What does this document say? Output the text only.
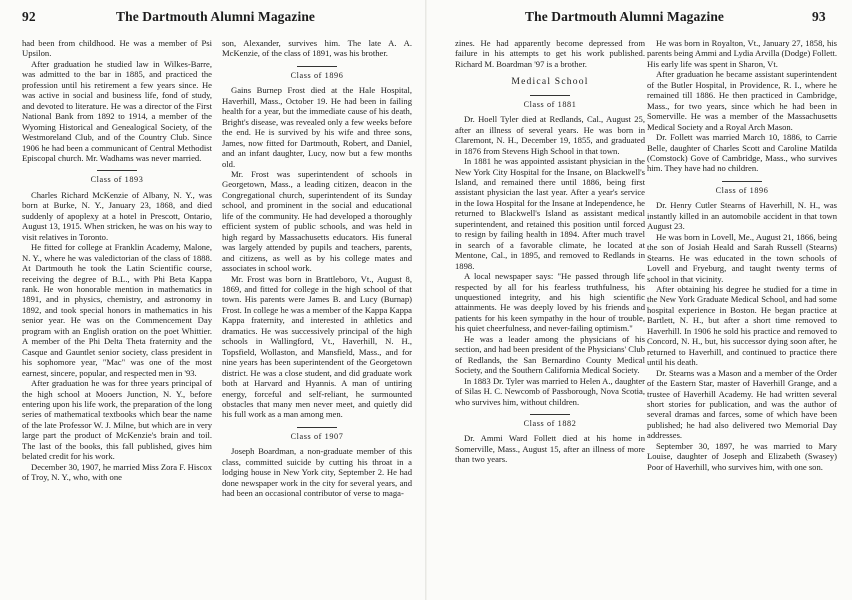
92	The Dartmouth Alumni Magazine

had been from childhood. He was a member of Psi Upsilon.

After graduation he studied law in Wilkes-Barre, was admitted to the bar in 1885, and practiced the profession until his retirement a few years since. He was active in social and business life, fond of study, and devoted to literature. He was a director of the First National Bank from 1892 to 1914, a member of the Wyoming Historical and Genealogical Society, of the Westmoreland Club, and of the Country Club. Since 1906 he had been a communicant of Central Methodist Episcopal church. Mr. Wadhams was never married.

Class of 1893

Charles Richard McKenzie of Albany, N. Y., was born at Burke, N. Y., January 23, 1868, and died suddenly of apoplexy at a hotel in Prescott, Ontario, August 13, 1915. When stricken, he was on his way to visit relatives in Toronto.

He fitted for college at Franklin Academy, Malone, N. Y., where he was valedictorian of the class of 1888. At Dartmouth he took the Latin Scientific course, receiving the degree of B.L., with Phi Beta Kappa rank. He won honorable mention in mathematics in 1891, and in physics, chemistry, and astronomy in 1892, and took special honors in mathematics in his senior year. He was on the Commencement Day program with an English oration on the poet Whittier. A member of the Phi Delta Theta fraternity and the Casque and Gauntlet senior society, class president in his sophomore year, "Mac" was one of the most earnest, sincere, popular, and respected men in '93.

After graduation he was for three years principal of the high school at Mooers Junction, N. Y., before entering upon his life work, the preparation of the long series of mathematical textbooks which bear the name of the late Professor W. J. Milne, but which are in very large part the product of McKenzie's brain and toil. The last of the books, this fall published, gives him belated credit for his work.

December 30, 1907, he married Miss Zora F. Hiscox of Troy, N. Y., who, with one

son, Alexander, survives him. The late A. A. McKenzie, of the class of 1891, was his brother.

Class of 1896

Gains Burnep Frost died at the Hale Hospital, Haverhill, Mass., October 19. He had been in failing health for a year, but the immediate cause of his death, Bright's disease, was revealed only a few weeks before the end. He is survived by his wife and three sons, James, now fitted for Dartmouth, Robert, and Daniel, and an infant daughter, Lucy, now but a few months old.

Mr. Frost was superintendent of schools in Georgetown, Mass., a leading citizen, deacon in the Congregational church, superintendent of its Sunday school, and prominent in the social and educational life of the community. He had developed a thoroughly efficient system of public schools, and was held in high regard by Massachusetts educators. His funeral was largely attended by pupils and teachers, parents, and citizens, as well as by his college mates and associates in school work.

Mr. Frost was born in Brattleboro, Vt., August 8, 1869, and fitted for college in the high school of that town. His parents were James B. and Lucy (Burnap) Frost. In college he was a member of the Kappa Kappa Kappa fraternity, and interested in athletics and dramatics. He was successively principal of the high schools in Wallingford, Vt., Haverhill, N. H., Topsfield, Wollaston, and Mansfield, Mass., and for nine years has been superintendent of the Georgetown district. He was a close student, and did graduate work both at Harvard and Hyannis. A man of untiring energy, forceful and self-reliant, he surmounted obstacles that many men never meet, and quietly did his full work as a man among men.

Class of 1907

Joseph Boardman, a non-graduate member of this class, committed suicide by cutting his throat in a lodging house in New York city, September 2. He had done newspaper work in the city for several years, and had been an occasional contributor of verse to maga-

The Dartmouth Alumni Magazine	93

zines. He had apparently become depressed from failure in his attempts to get his work published. Richard M. Boardman '97 is a brother.

Medical School
Class of 1881

Dr. Hoell Tyler died at Redlands, Cal., August 25, after an illness of several years. He was born in Claremont, N. H., December 19, 1855, and graduated in 1876 from Stevens High School in that town.

In 1881 he was appointed assistant physician in the New York City Hospital for the Insane, on Blackwell's Island, and remained there until 1886, being first assistant physician the last year. After a year's service in the Iowa Hospital for the Insane at Independence, he returned to Blackwell's Island as assistant medical superintendent, and retained this position until forced to resign by failing health in 1894. After much travel in search of a favorable climate, he located at Mentone, Cal., in 1895, and removed to Redlands in 1898.

A local newspaper says: "He passed through life respected by all for his fearless truthfulness, his unquestioned integrity, and his high scientific attainments. He was deeply loved by his friends and patients for his keen sympathy in the hour of trouble, his quiet cheerfulness, and never-failing optimism."

He was a leader among the physicians of his section, and had been president of the Physicians' Club of Redlands, the San Bernardino County Medical Society, and the Southern California Medical Society.

In 1883 Dr. Tyler was married to Helen A., daughter of Silas H. C. Newcomb of Passborough, Nova Scotia, who survives him, without children.

Class of 1882

Dr. Ammi Ward Follett died at his home in Somerville, Mass., August 15, after an illness of more than two years.

He was born in Royalton, Vt., January 27, 1858, his parents being Ammi and Lydia Arvilla (Dodge) Follett. His early life was spent in Sharon, Vt.

After graduation he became assistant superintendent of the Butler Hospital, in Providence, R. I., where he remained till 1886. He then practiced in Cambridge, Mass., for two years, since which he had been in Somerville. He was a member of the Massachusetts Medical Society and a Royal Arch Mason.

Dr. Follett was married March 10, 1886, to Carrie Belle, daughter of Charles Scott and Caroline Matilda (Comstock) Gove of Cambridge, Mass., who survives him. They have had no children.

Class of 1896

Dr. Henry Cutler Stearns of Haverhill, N. H., was instantly killed in an automobile accident in that town August 23.

He was born in Lovell, Me., August 21, 1866, being the son of Josiah Heald and Sarah Russell (Stearns) Stearns. He was educated in the town schools of Lovell and Fryeburg, and taught twenty terms of school in that vicinity.

After obtaining his degree he studied for a time in the New York Graduate Medical School, and had some hospital experience in Boston. He began practice at Bartlett, N. H., but after a short time removed to Haverhill. In 1906 he sold his practice and removed to Concord, N. H., but, his successor dying soon after, he returned to Haverhill, and continued to practice there until his death.

Dr. Stearns was a Mason and a member of the Order of the Eastern Star, master of Haverhill Grange, and a trustee of Haverhill Academy. He had written several short stories for publication, and was the author of several dramas and farces, some of which have been published; he had also delivered two Memorial Day addresses.

September 30, 1897, he was married to Mary Louise, daughter of Joseph and Elizabeth (Swasey) Poor of Haverhill, who survives him, with one son.
